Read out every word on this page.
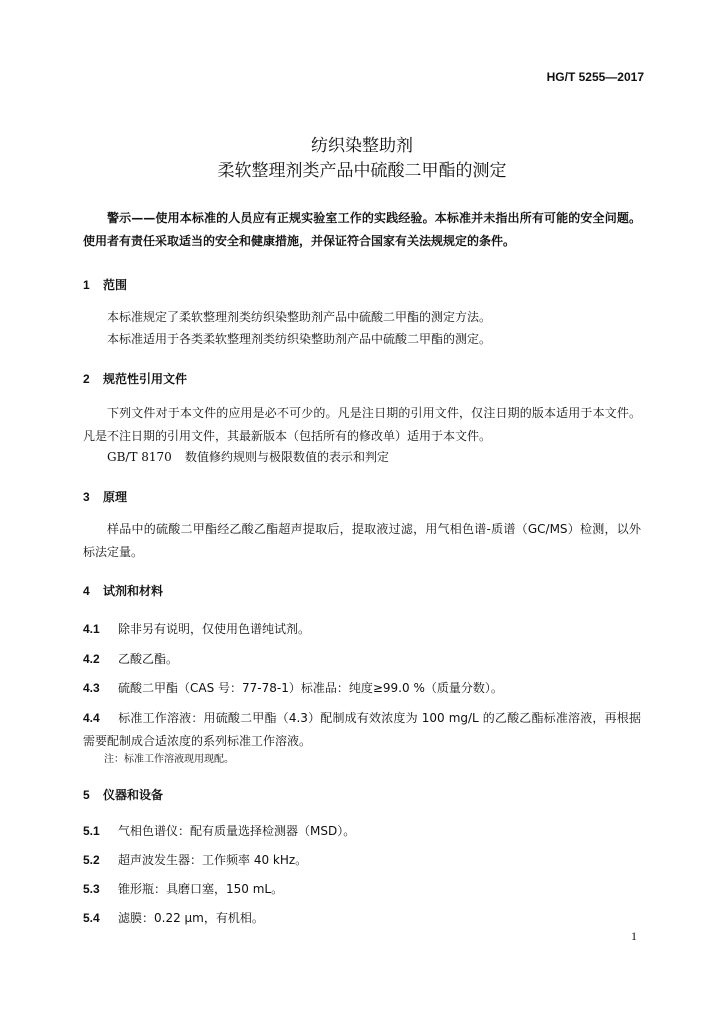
HG/T 5255—2017
纺织染整助剂
柔软整理剂类产品中硫酸二甲酯的测定
警示——使用本标准的人员应有正规实验室工作的实践经验。本标准并未指出所有可能的安全问题。使用者有责任采取适当的安全和健康措施，并保证符合国家有关法规规定的条件。
1 范围
本标准规定了柔软整理剂类纺织染整助剂产品中硫酸二甲酯的测定方法。
本标准适用于各类柔软整理剂类纺织染整助剂产品中硫酸二甲酯的测定。
2 规范性引用文件
下列文件对于本文件的应用是必不可少的。凡是注日期的引用文件，仅注日期的版本适用于本文件。凡是不注日期的引用文件，其最新版本（包括所有的修改单）适用于本文件。
GB/T 8170 数值修约规则与极限数值的表示和判定
3 原理
样品中的硫酸二甲酯经乙酸乙酯超声提取后，提取液过滤，用气相色谱-质谱（GC/MS）检测，以外标法定量。
4 试剂和材料
4.1 除非另有说明，仅使用色谱纯试剂。
4.2 乙酸乙酯。
4.3 硫酸二甲酯（CAS 号：77-78-1）标准品：纯度≥99.0 %（质量分数）。
4.4 标准工作溶液：用硫酸二甲酯（4.3）配制成有效浓度为 100 mg/L 的乙酸乙酯标准溶液，再根据需要配制成合适浓度的系列标准工作溶液。
注：标准工作溶液现用现配。
5 仪器和设备
5.1 气相色谱仪：配有质量选择检测器（MSD）。
5.2 超声波发生器：工作频率 40 kHz。
5.3 锥形瓶：具磨口塞，150 mL。
5.4 滤膜：0.22 μm，有机相。
1
